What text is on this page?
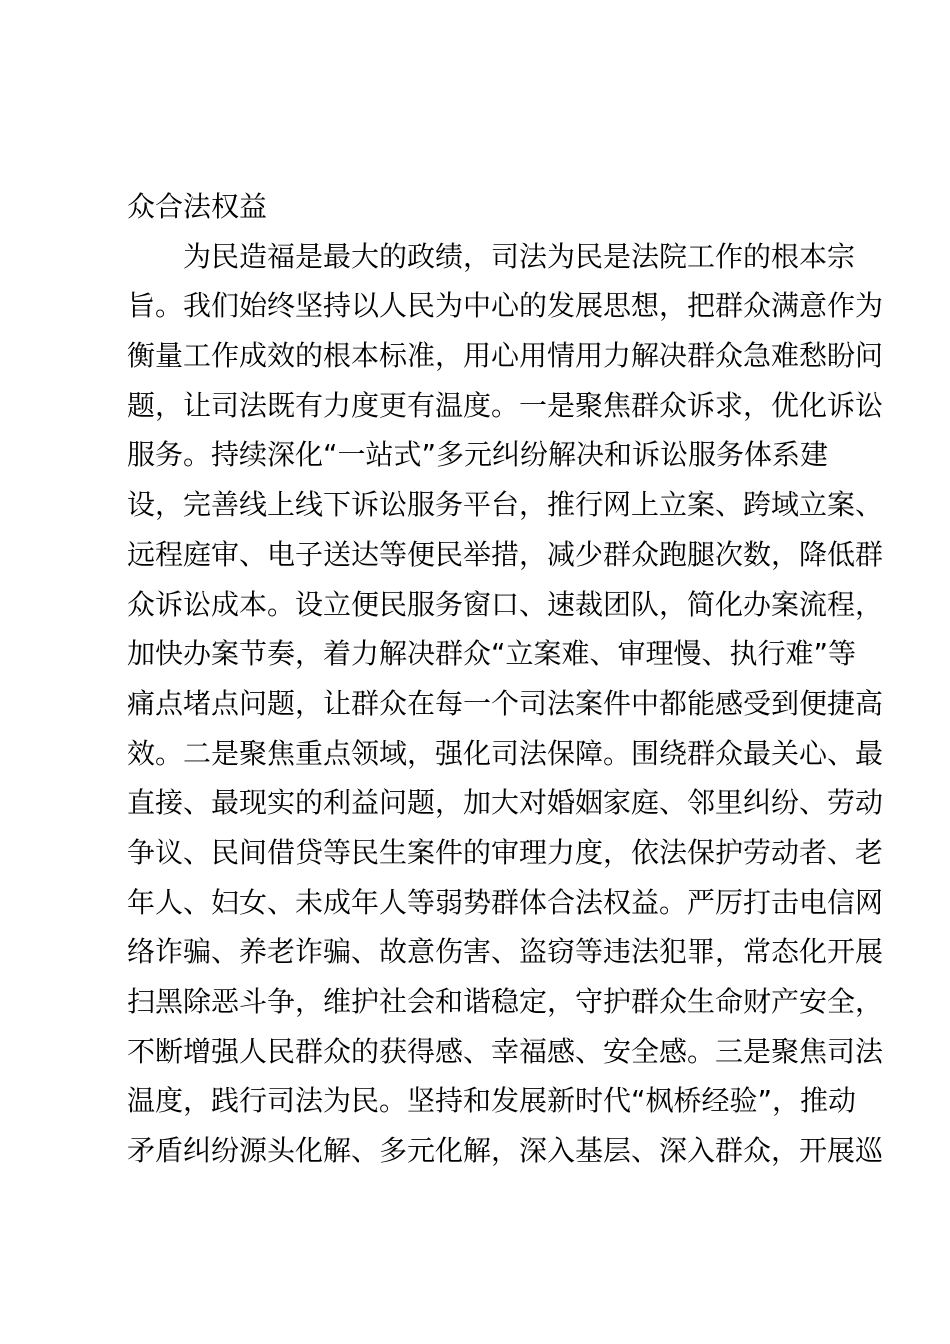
众合法权益
为民造福是最大的政绩，司法为民是法院工作的根本宗
旨。我们始终坚持以人民为中心的发展思想，把群众满意作为
衡量工作成效的根本标准，用心用情用力解决群众急难愁盼问
题，让司法既有力度更有温度。一是聚焦群众诉求，优化诉讼
服务。持续深化“一站式”多元纠纷解决和诉讼服务体系建
设，完善线上线下诉讼服务平台，推行网上立案、跨域立案、
远程庭审、电子送达等便民举措，减少群众跑腿次数，降低群
众诉讼成本。设立便民服务窗口、速裁团队，简化办案流程，
加快办案节奏，着力解决群众“立案难、审理慢、执行难”等
痛点堵点问题，让群众在每一个司法案件中都能感受到便捷高
效。二是聚焦重点领域，强化司法保障。围绕群众最关心、最
直接、最现实的利益问题，加大对婚姻家庭、邻里纠纷、劳动
争议、民间借贷等民生案件的审理力度，依法保护劳动者、老
年人、妇女、未成年人等弱势群体合法权益。严厉打击电信网
络诈骗、养老诈骗、故意伤害、盗窃等违法犯罪，常态化开展
扫黑除恶斗争，维护社会和谐稳定，守护群众生命财产安全，
不断增强人民群众的获得感、幸福感、安全感。三是聚焦司法
温度，践行司法为民。坚持和发展新时代“枫桥经验”，推动
矛盾纠纷源头化解、多元化解，深入基层、深入群众，开展巡
